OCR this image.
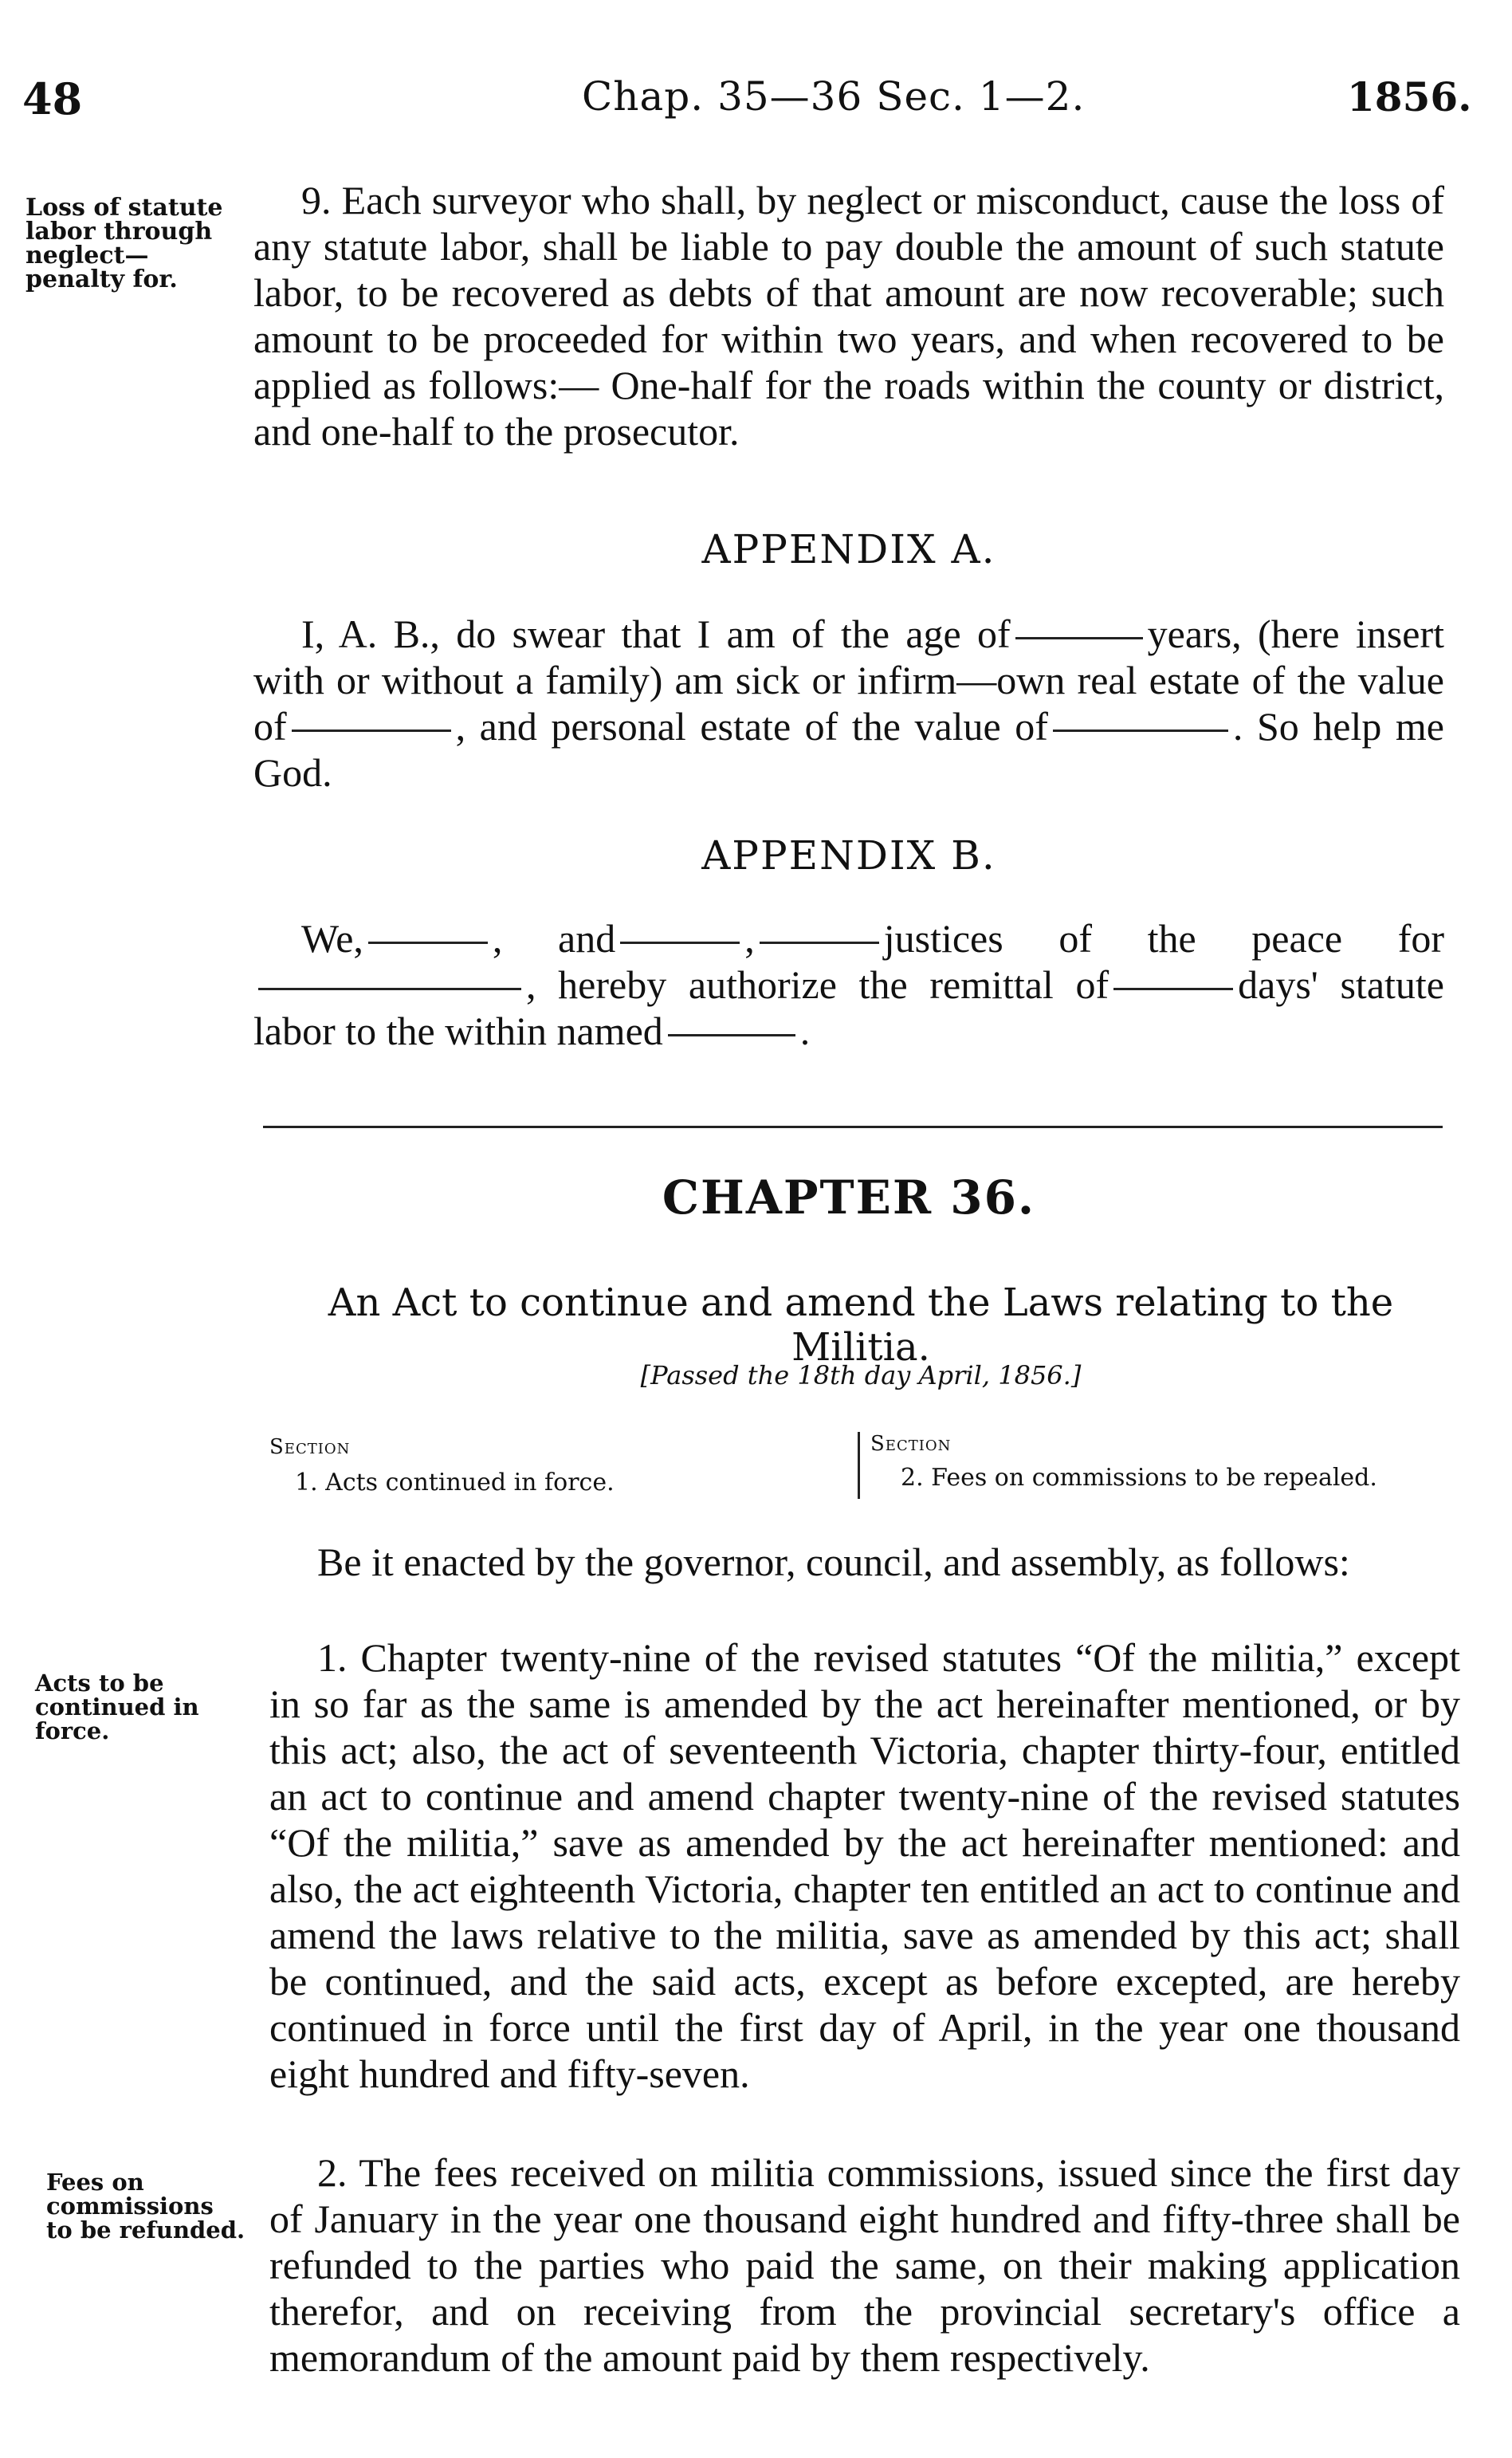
48	Chap. 35—36 Sec. 1—2.	1856.
Loss of statute labor through neglect—penalty for.
9. Each surveyor who shall, by neglect or misconduct, cause the loss of any statute labor, shall be liable to pay double the amount of such statute labor, to be recovered as debts of that amount are now recoverable; such amount to be proceeded for within two years, and when recovered to be applied as follows:— One-half for the roads within the county or district, and one-half to the prosecutor.
APPENDIX A.
I, A. B., do swear that I am of the age of	years, (here insert with or without a family) am sick or infirm—own real estate of the value of	, and personal estate of the value of	. So help me God.
APPENDIX B.
We,	, and	,	justices of the peace for, hereby authorize the remittal of	days' statute labor to the within named	.
CHAPTER 36.
An Act to continue and amend the Laws relating to the Militia.
[Passed the 18th day April, 1856.]
Section
1. Acts continued in force.
Section
2. Fees on commissions to be repealed.
Be it enacted by the governor, council, and assembly, as follows:
Acts to be continued in force.
1. Chapter twenty-nine of the revised statutes “Of the militia,” except in so far as the same is amended by the act hereinafter mentioned, or by this act; also, the act of seventeenth Victoria, chapter thirty-four, entitled an act to continue and amend chapter twenty-nine of the revised statutes “Of the militia,” save as amended by the act hereinafter mentioned: and also, the act eighteenth Victoria, chapter ten entitled an act to continue and amend the laws relative to the militia, save as amended by this act; shall be continued, and the said acts, except as before excepted, are hereby continued in force until the first day of April, in the year one thousand eight hundred and fifty-seven.
Fees on commissions to be refunded.
2. The fees received on militia commissions, issued since the first day of January in the year one thousand eight hundred and fifty-three shall be refunded to the parties who paid the same, on their making application therefor, and on receiving from the provincial secretary's office a memorandum of the amount paid by them respectively.
